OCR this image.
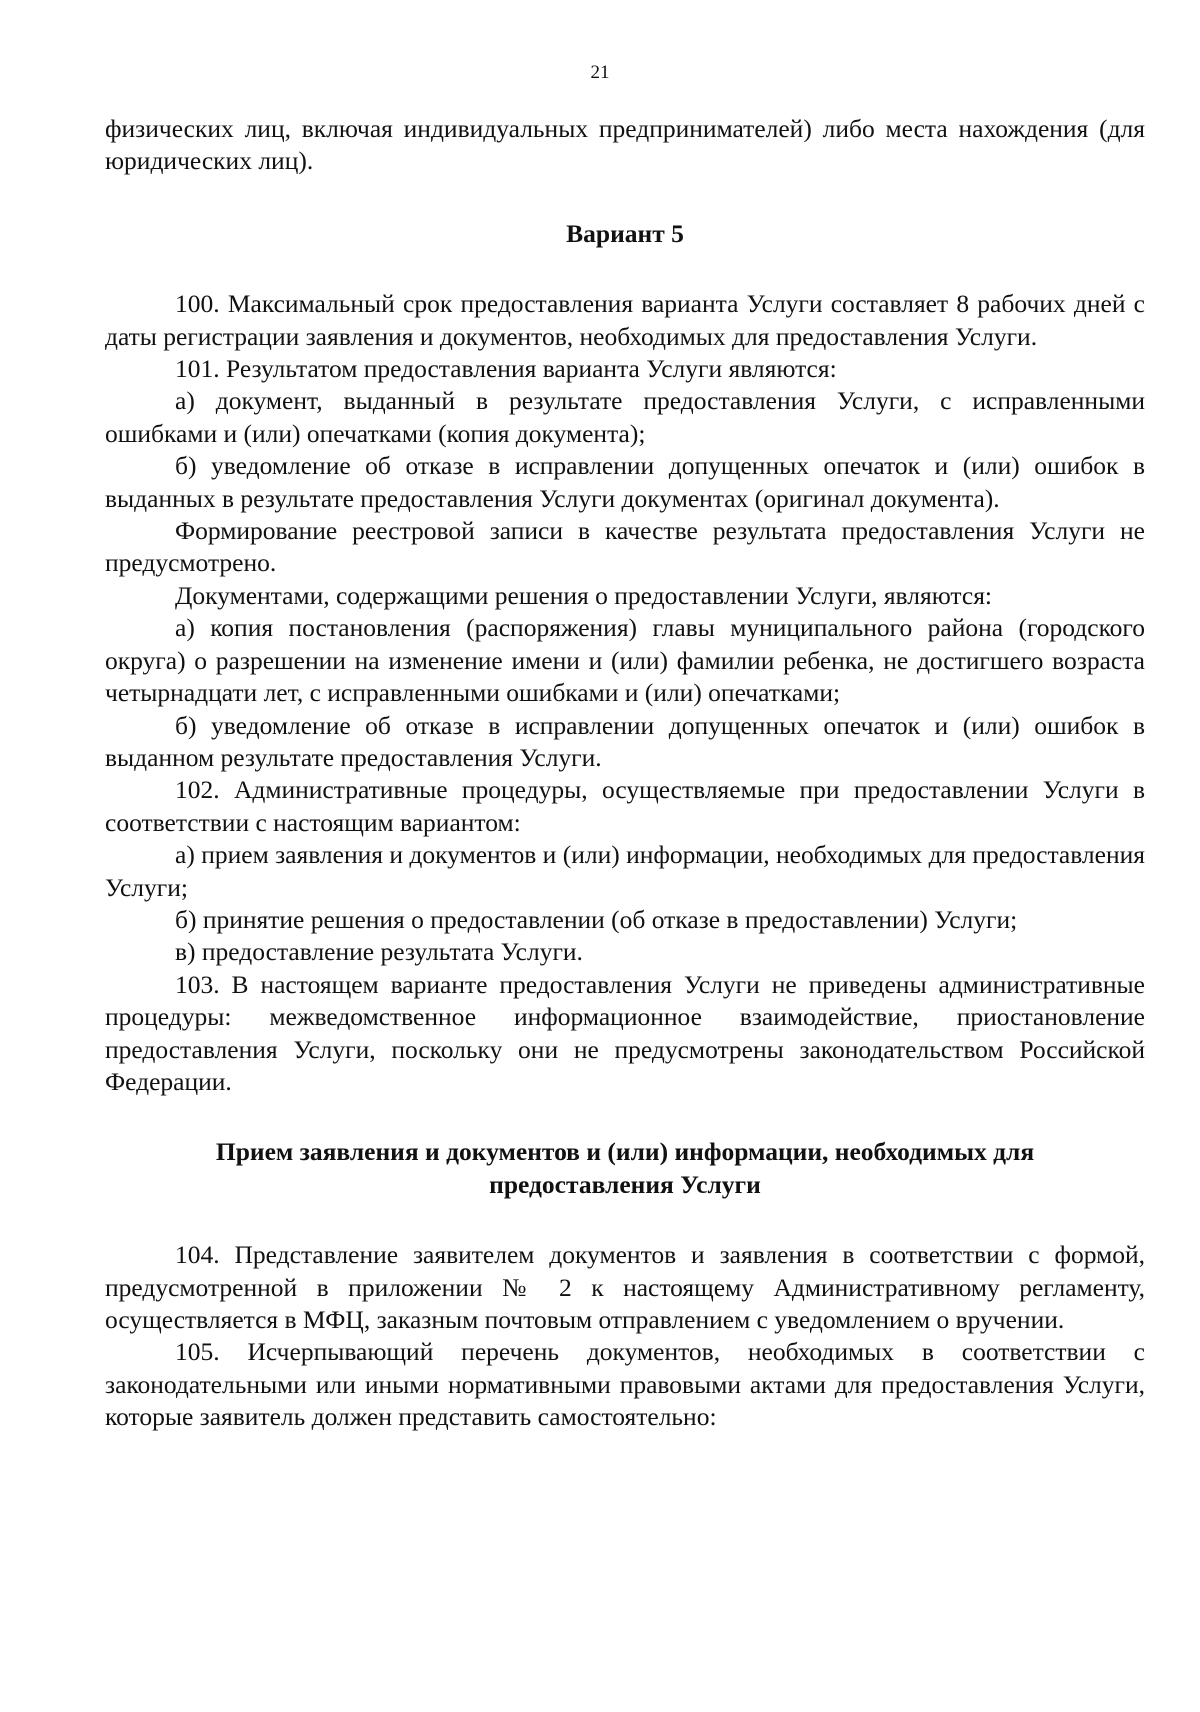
21

физических лиц, включая индивидуальных предпринимателей) либо места нахождения (для юридических лиц).

Вариант 5

100. Максимальный срок предоставления варианта Услуги составляет 8 рабочих дней с даты регистрации заявления и документов, необходимых для предоставления Услуги.

101. Результатом предоставления варианта Услуги являются:

а) документ, выданный в результате предоставления Услуги, с исправленными ошибками и (или) опечатками (копия документа);

б) уведомление об отказе в исправлении допущенных опечаток и (или) ошибок в выданных в результате предоставления Услуги документах (оригинал документа).

Формирование реестровой записи в качестве результата предоставления Услуги не предусмотрено.

Документами, содержащими решения о предоставлении Услуги, являются:

а) копия постановления (распоряжения) главы муниципального района (городского округа) о разрешении на изменение имени и (или) фамилии ребенка, не достигшего возраста четырнадцати лет, с исправленными ошибками и (или) опечатками;

б) уведомление об отказе в исправлении допущенных опечаток и (или) ошибок в выданном результате предоставления Услуги.

102. Административные процедуры, осуществляемые при предоставлении Услуги в соответствии с настоящим вариантом:

а) прием заявления и документов и (или) информации, необходимых для предоставления Услуги;

б) принятие решения о предоставлении (об отказе в предоставлении) Услуги;

в) предоставление результата Услуги.

103. В настоящем варианте предоставления Услуги не приведены административные процедуры: межведомственное информационное взаимодействие, приостановление предоставления Услуги, поскольку они не предусмотрены законодательством Российской Федерации.

Прием заявления и документов и (или) информации, необходимых для
предоставления Услуги

104. Представление заявителем документов и заявления в соответствии с формой, предусмотренной в приложении № 2 к настоящему Административному регламенту, осуществляется в МФЦ, заказным почтовым отправлением с уведомлением о вручении.

105. Исчерпывающий перечень документов, необходимых в соответствии с законодательными или иными нормативными правовыми актами для предоставления Услуги, которые заявитель должен представить самостоятельно:
